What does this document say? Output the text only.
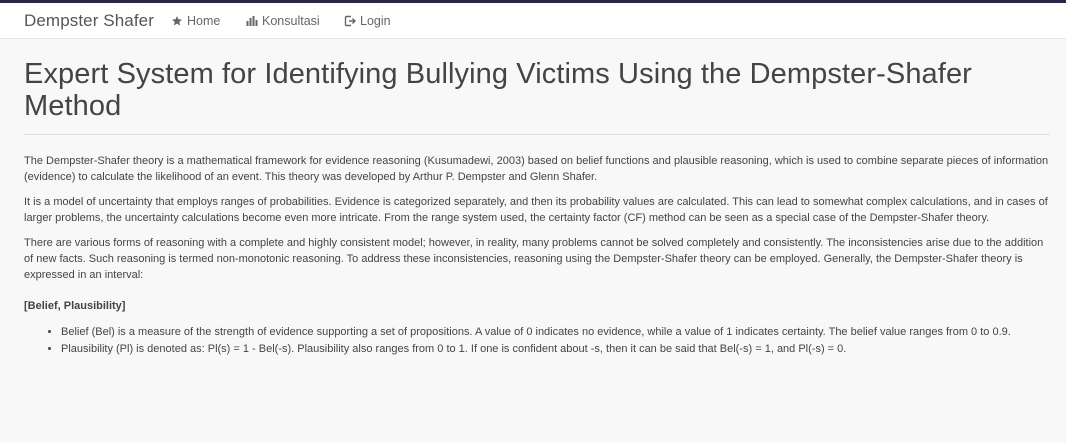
Dempster Shafer	Home	Konsultasi	Login
Expert System for Identifying Bullying Victims Using the Dempster-Shafer Method

The Dempster-Shafer theory is a mathematical framework for evidence reasoning (Kusumadewi, 2003) based on belief functions and plausible reasoning, which is used to combine separate pieces of information (evidence) to calculate the likelihood of an event. This theory was developed by Arthur P. Dempster and Glenn Shafer.

It is a model of uncertainty that employs ranges of probabilities. Evidence is categorized separately, and then its probability values are calculated. This can lead to somewhat complex calculations, and in cases of larger problems, the uncertainty calculations become even more intricate. From the range system used, the certainty factor (CF) method can be seen as a special case of the Dempster-Shafer theory.

There are various forms of reasoning with a complete and highly consistent model; however, in reality, many problems cannot be solved completely and consistently. The inconsistencies arise due to the addition of new facts. Such reasoning is termed non-monotonic reasoning. To address these inconsistencies, reasoning using the Dempster-Shafer theory can be employed. Generally, the Dempster-Shafer theory is expressed in an interval:

[Belief, Plausibility]
• Belief (Bel) is a measure of the strength of evidence supporting a set of propositions. A value of 0 indicates no evidence, while a value of 1 indicates certainty. The belief value ranges from 0 to 0.9.
• Plausibility (Pl) is denoted as: Pl(s) = 1 - Bel(-s). Plausibility also ranges from 0 to 1. If one is confident about -s, then it can be said that Bel(-s) = 1, and Pl(-s) = 0.
